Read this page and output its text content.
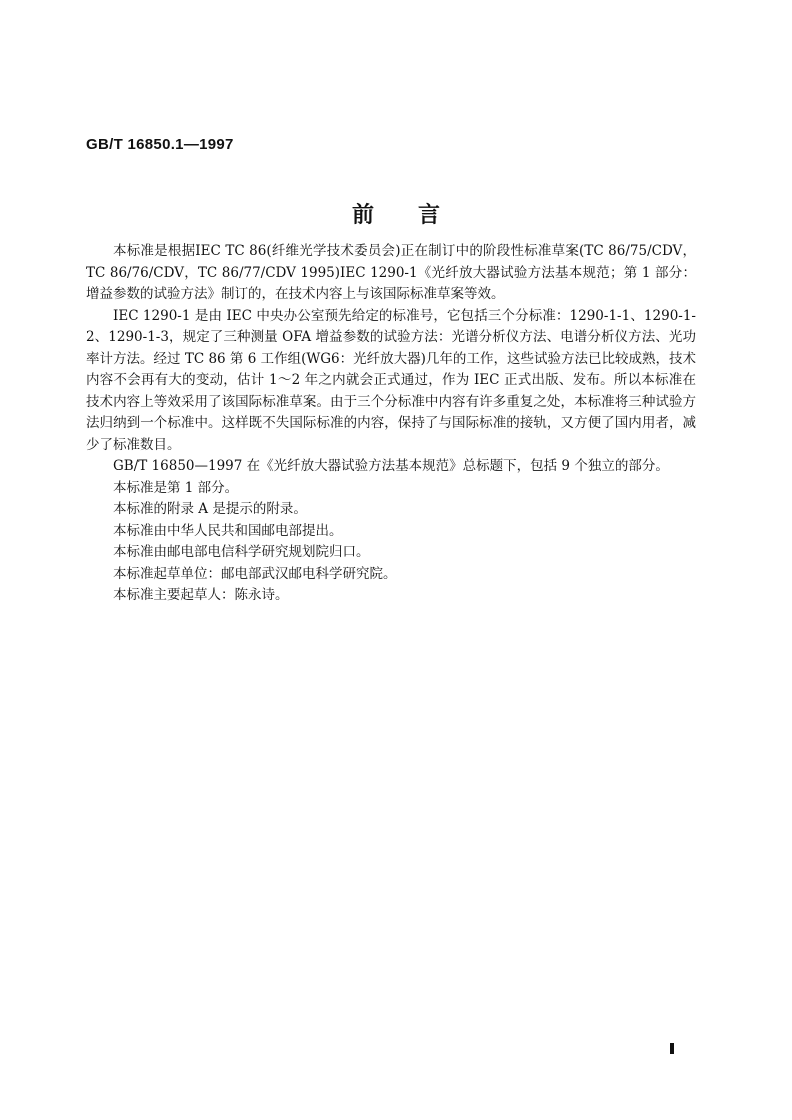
GB/T 16850.1—1997

前言

本标准是根据IEC TC 86(纤维光学技术委员会)正在制订中的阶段性标准草案(TC 86/75/CDV，TC 86/76/CDV，TC 86/77/CDV 1995)IEC 1290-1《光纤放大器试验方法基本规范；第 1 部分：增益参数的试验方法》制订的，在技术内容上与该国际标准草案等效。

IEC 1290-1 是由 IEC 中央办公室预先给定的标准号，它包括三个分标准：1290-1-1、1290-1-2、1290-1-3，规定了三种测量 OFA 增益参数的试验方法：光谱分析仪方法、电谱分析仪方法、光功率计方法。经过 TC 86 第 6 工作组(WG6：光纤放大器)几年的工作，这些试验方法已比较成熟，技术内容不会再有大的变动，估计 1～2 年之内就会正式通过，作为 IEC 正式出版、发布。所以本标准在技术内容上等效采用了该国际标准草案。由于三个分标准中内容有许多重复之处，本标准将三种试验方法归纳到一个标准中。这样既不失国际标准的内容，保持了与国际标准的接轨，又方便了国内用者，减少了标准数目。

GB/T 16850—1997 在《光纤放大器试验方法基本规范》总标题下，包括 9 个独立的部分。

本标准是第 1 部分。

本标准的附录 A 是提示的附录。

本标准由中华人民共和国邮电部提出。

本标准由邮电部电信科学研究规划院归口。

本标准起草单位：邮电部武汉邮电科学研究院。

本标准主要起草人：陈永诗。
